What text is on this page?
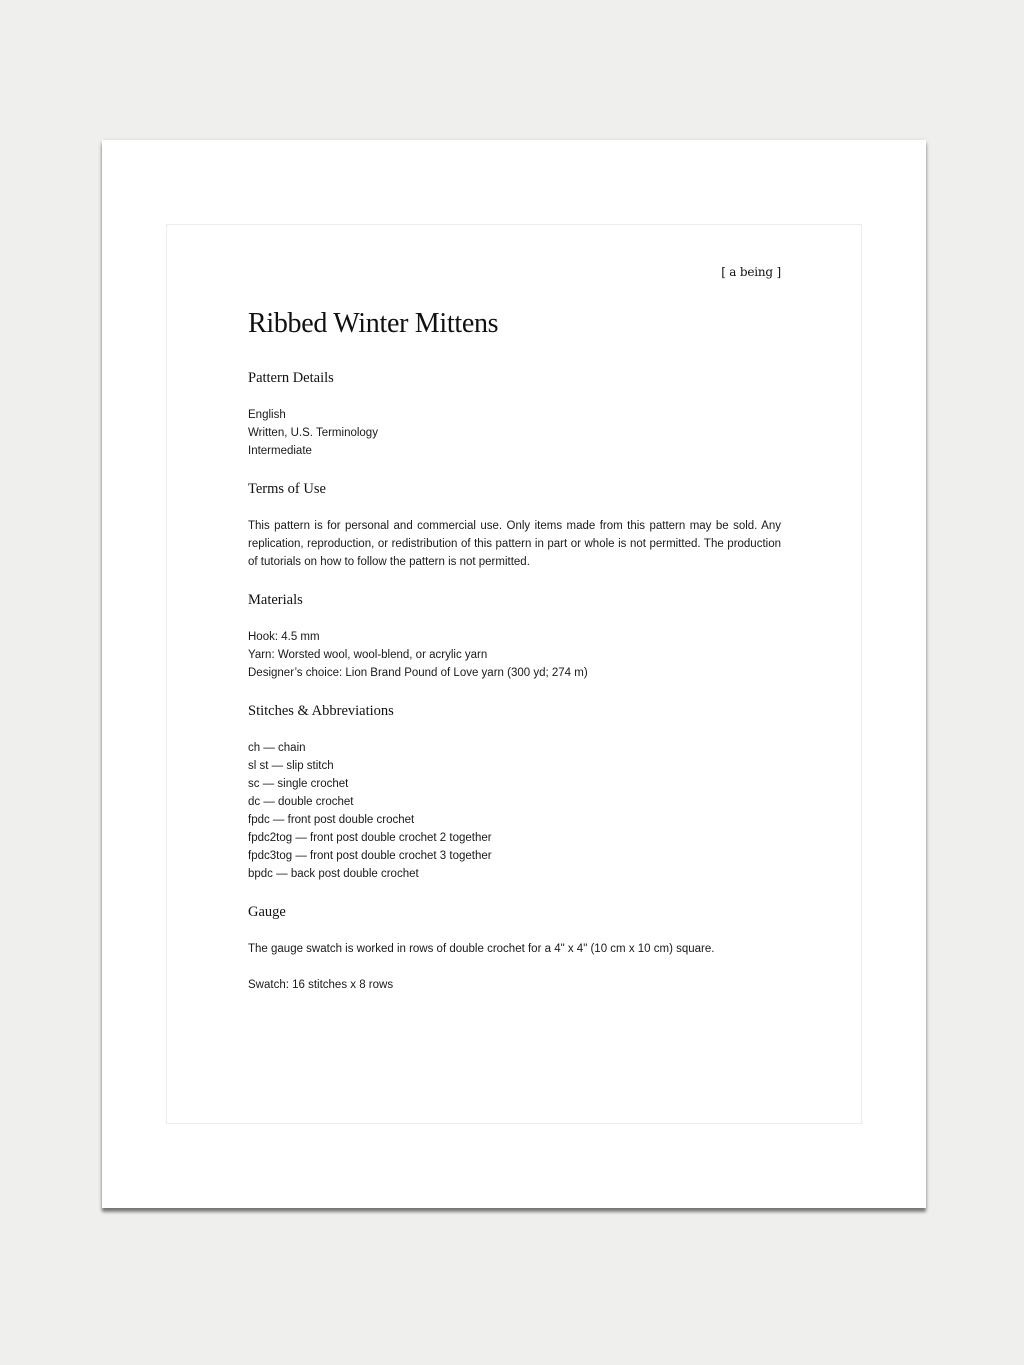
[ a being ]
Ribbed Winter Mittens
Pattern Details

English

Written, U.S. Terminology

Intermediate

Terms of Use

This pattern is for personal and commercial use. Only items made from this pattern may be sold. Any replication, reproduction, or redistribution of this pattern in part or whole is not permitted. The production of tutorials on how to follow the pattern is not permitted.

Materials

Hook: 4.5 mm

Yarn: Worsted wool, wool-blend, or acrylic yarn

Designer’s choice: Lion Brand Pound of Love yarn (300 yd; 274 m)

Stitches & Abbreviations

ch — chain

sl st — slip stitch

sc — single crochet

dc — double crochet

fpdc — front post double crochet

fpdc2tog — front post double crochet 2 together

fpdc3tog — front post double crochet 3 together

bpdc — back post double crochet

Gauge

The gauge swatch is worked in rows of double crochet for a 4" x 4" (10 cm x 10 cm) square.

Swatch: 16 stitches x 8 rows
